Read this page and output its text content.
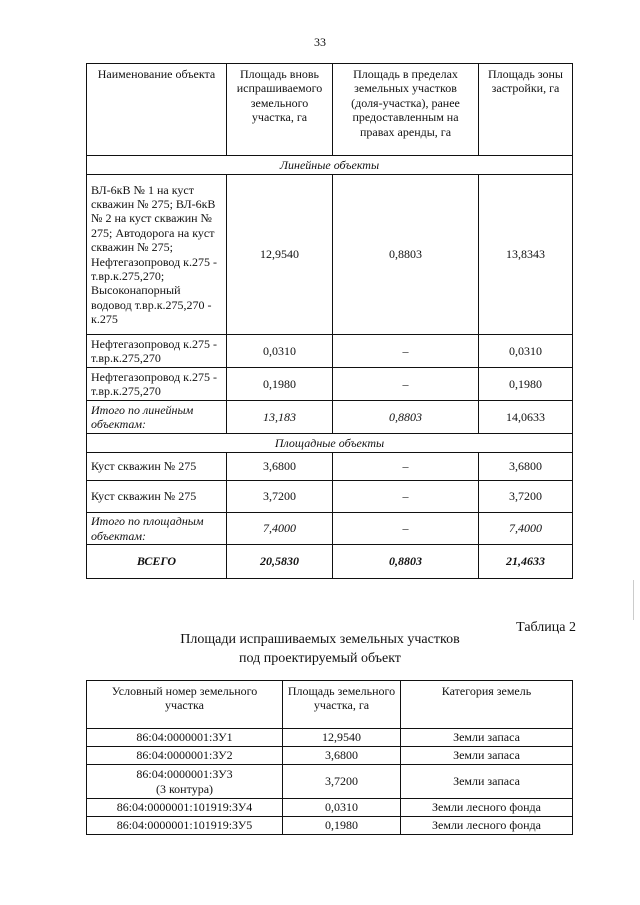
33
Наименование объекта	Площадь вновь испрашиваемого земельного участка, га	Площадь в пределах земельных участков (доля-участка), ранее предоставленным на правах аренды, га	Площадь зоны застройки, га
Линейные объекты			
ВЛ-6кВ № 1 на куст скважин № 275; ВЛ-6кВ № 2 на куст скважин № 275; Автодорога на куст скважин № 275; Нефтегазопровод к.275 - т.вр.к.275,270; Высоконапорный водовод т.вр.к.275,270 - к.275	12,9540	0,8803	13,8343
Нефтегазопровод к.275 - т.вр.к.275,270	0,0310	–	0,0310
Нефтегазопровод к.275 - т.вр.к.275,270	0,1980	–	0,1980
Итого по линейным объектам:	13,183	0,8803	14,0633
Площадные объекты			
Куст скважин № 275	3,6800	–	3,6800
Куст скважин № 275	3,7200	–	3,7200
Итого по площадным объектам:	7,4000	–	7,4000
ВСЕГО	20,5830	0,8803	21,4633
Таблица 2
Площади испрашиваемых земельных участков
под проектируемый объект
Условный номер земельного участка	Площадь земельного участка, га	Категория земель
86:04:0000001:ЗУ1	12,9540	Земли запаса
86:04:0000001:ЗУ2	3,6800	Земли запаса

86:04:0000001:ЗУ3
(3 контура)	3,7200	Земли запаса
86:04:0000001:101919:ЗУ4	0,0310	Земли лесного фонда
86:04:0000001:101919:ЗУ5	0,1980	Земли лесного фонда
